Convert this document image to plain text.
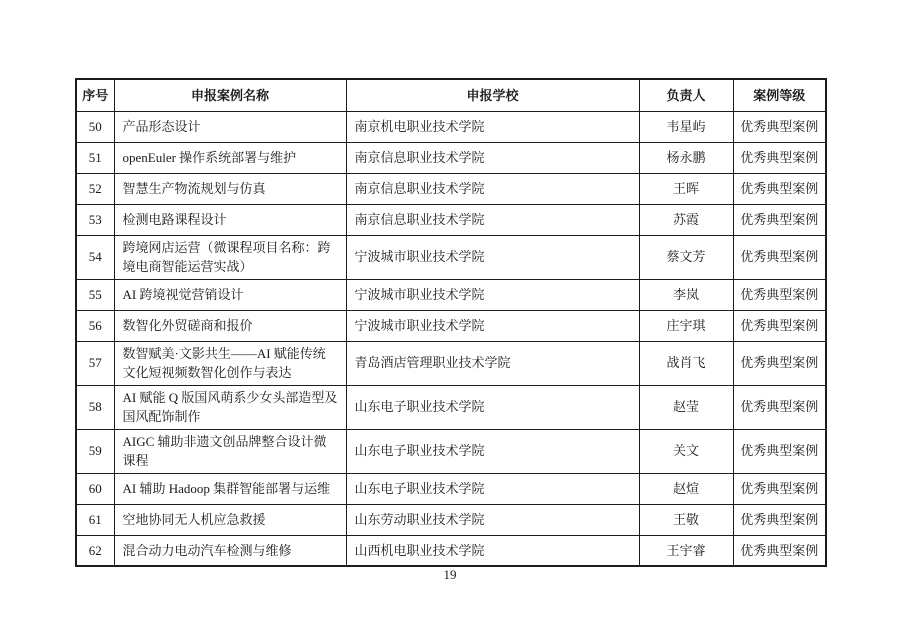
序号	申报案例名称	申报学校	负责人	案例等级
50	产品形态设计	南京机电职业技术学院	韦星屿	优秀典型案例
51	openEuler 操作系统部署与维护	南京信息职业技术学院	杨永鹏	优秀典型案例
52	智慧生产物流规划与仿真	南京信息职业技术学院	王晖	优秀典型案例
53	检测电路课程设计	南京信息职业技术学院	苏霞	优秀典型案例
54	跨境网店运营（微课程项目名称：跨境电商智能运营实战）	宁波城市职业技术学院	蔡文芳	优秀典型案例
55	AI 跨境视觉营销设计	宁波城市职业技术学院	李岚	优秀典型案例
56	数智化外贸磋商和报价	宁波城市职业技术学院	庄宇琪	优秀典型案例
57	数智赋美·文影共生——AI 赋能传统文化短视频数智化创作与表达	青岛酒店管理职业技术学院	战肖飞	优秀典型案例
58	AI 赋能 Q 版国风萌系少女头部造型及国风配饰制作	山东电子职业技术学院	赵莹	优秀典型案例
59	AIGC 辅助非遗文创品牌整合设计微课程	山东电子职业技术学院	关文	优秀典型案例
60	AI 辅助 Hadoop 集群智能部署与运维	山东电子职业技术学院	赵煊	优秀典型案例
61	空地协同无人机应急救援	山东劳动职业技术学院	王敬	优秀典型案例
62	混合动力电动汽车检测与维修	山西机电职业技术学院	王宇睿	优秀典型案例
19
